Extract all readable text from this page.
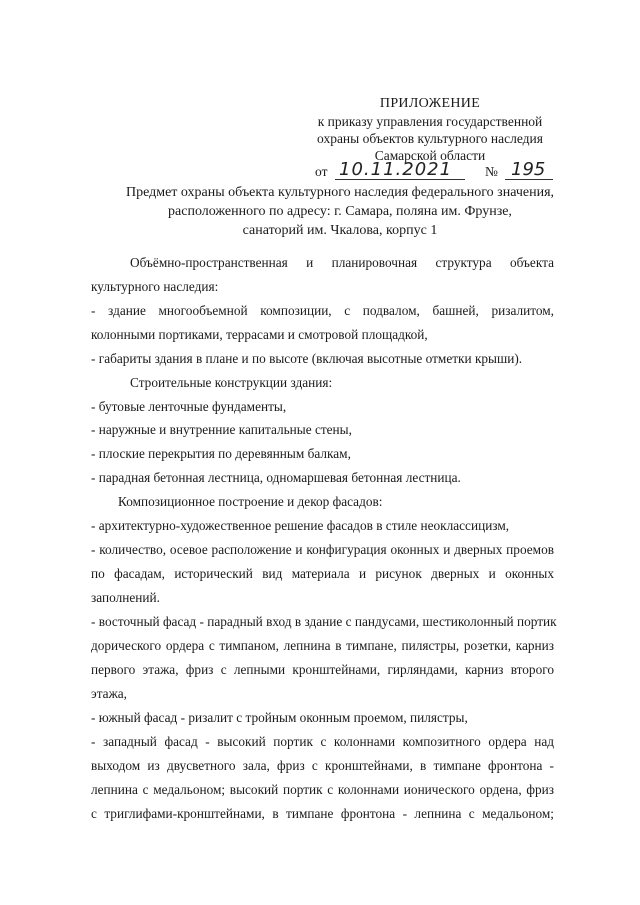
ПРИЛОЖЕНИЕ
к приказу управления государственной
охраны объектов культурного наследия
Самарской области
от 10.11.2021 № 195
Предмет охраны объекта культурного наследия федерального значения,
расположенного по адресу: г. Самара, поляна им. Фрунзе,
санаторий им. Чкалова, корпус 1
Объёмно-пространственная и планировочная структура объекта
культурного наследия:
- здание многообъемной композиции, с подвалом, башней, ризалитом,
колонными портиками, террасами и смотровой площадкой,
- габариты здания в плане и по высоте (включая высотные отметки крыши).
Строительные конструкции здания:
- бутовые ленточные фундаменты,
- наружные и внутренние капитальные стены,
- плоские перекрытия по деревянным балкам,
- парадная бетонная лестница, одномаршевая бетонная лестница.
Композиционное построение и декор фасадов:
- архитектурно-художественное решение фасадов в стиле неоклассицизм,
- количество, осевое расположение и конфигурация оконных и дверных проемов
по фасадам, исторический вид материала и рисунок дверных и оконных
заполнений.
- восточный фасад - парадный вход в здание с пандусами, шестиколонный портик
дорического ордера с тимпаном, лепнина в тимпане, пилястры, розетки, карниз
первого этажа, фриз с лепными кронштейнами, гирляндами, карниз второго
этажа,
- южный фасад - ризалит с тройным оконным проемом, пилястры,
- западный фасад - высокий портик с колоннами композитного ордера над
выходом из двусветного зала, фриз с кронштейнами, в тимпане фронтона -
лепнина с медальоном; высокий портик с колоннами ионического ордена, фриз
с триглифами-кронштейнами, в тимпане фронтона - лепнина с медальоном;
